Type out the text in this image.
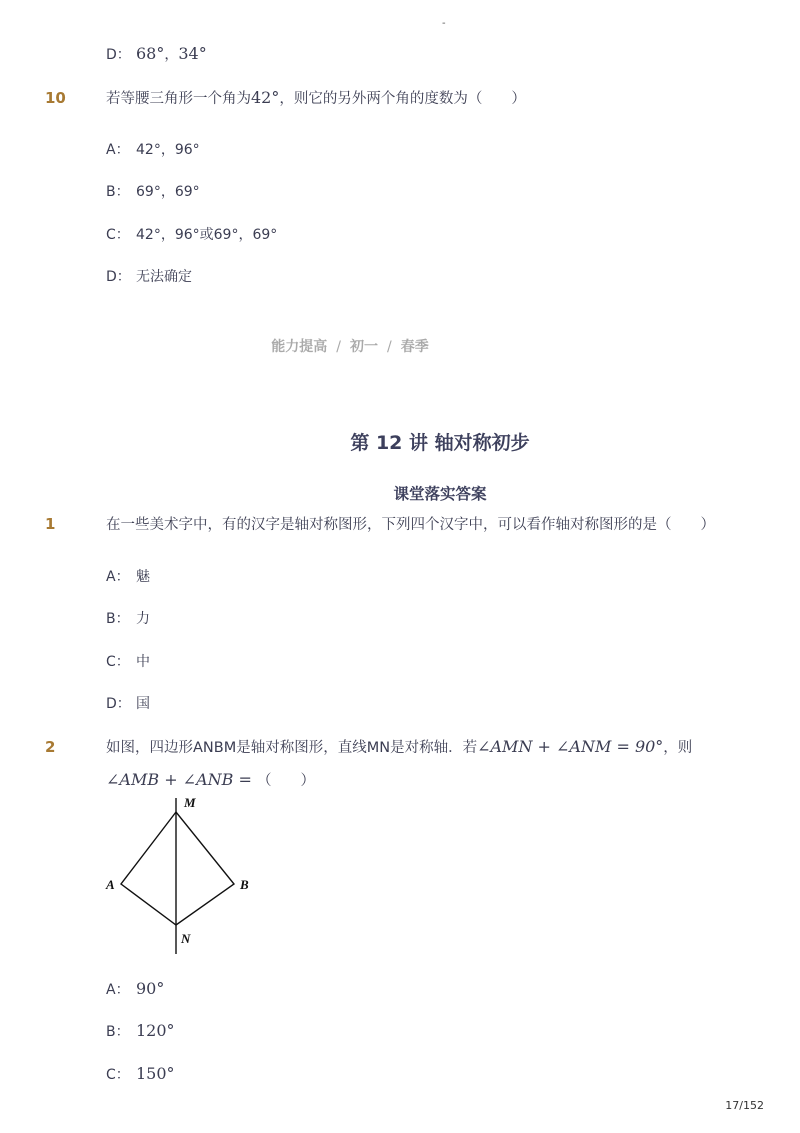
-
D： 68°，34°
10	若等腰三角形一个角为42°，则它的另外两个角的度数为（　　）
A： 42°，96°
B： 69°，69°
C： 42°，96°或69°，69°
D： 无法确定
能力提高 / 初一 / 春季
第 12 讲 轴对称初步
课堂落实答案
1	在一些美术字中，有的汉字是轴对称图形，下列四个汉字中，可以看作轴对称图形的是（　　）
A： 魅
B： 力
C： 中
D： 国
2	如图，四边形ANBM是轴对称图形，直线MN是对称轴．若∠AMN + ∠ANM = 90°，则
∠AMB + ∠ANB = （　　）
M
A	B
N
A： 90°
B： 120°
C： 150°
17/152
